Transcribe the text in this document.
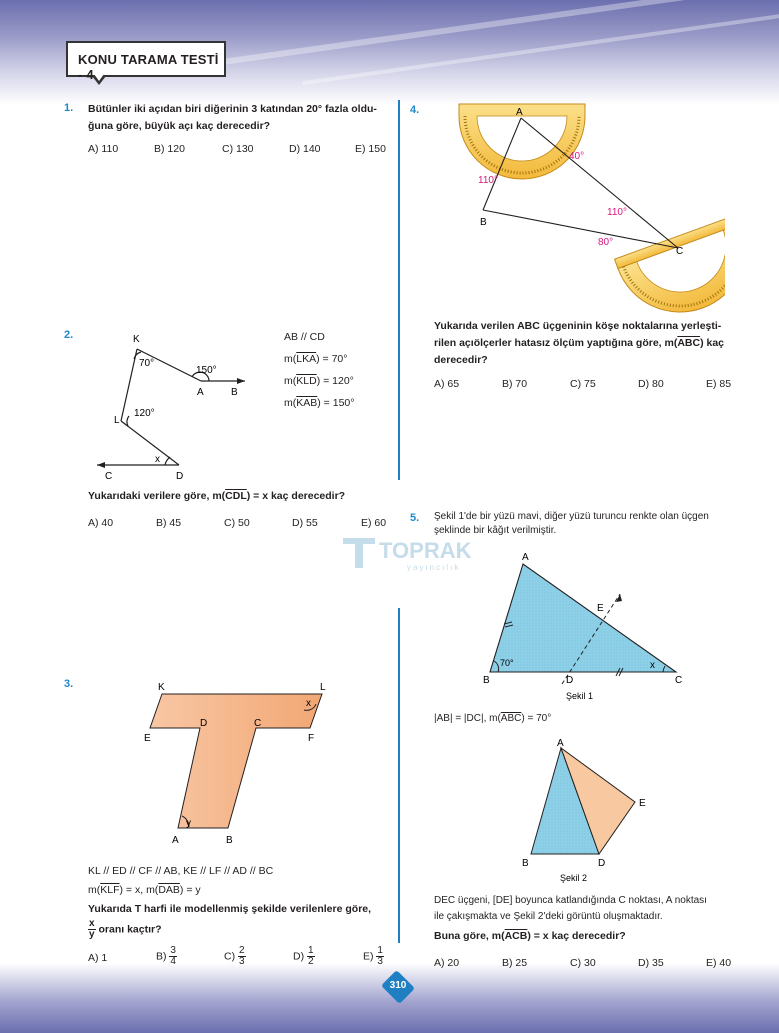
KONU TARAMA TESTİ - 4
1. Bütünler iki açıdan biri diğerinin 3 katından 20° fazla oldu-
ğuna göre, büyük açı kaç derecedir?
A) 110	B) 120	C) 130	D) 140	E) 150
2.	K
70°
150°
A	B
L
120°
x
C	D
AB // CD
$m(\overline{LKA}) = 70^\circ$
$m(\overline{KLD}) = 120^\circ$
$m(\overline{KAB}) = 150^\circ$
Yukarıdaki verilere göre, $m(\overline{CDL}) = x$ kaç derecedir?
A) 40	B) 45	C) 50	D) 55	E) 60
TOPRAK
yayıncılık
3.	K	L
x
E
D	C
F
y
A	B
KL // ED // CF // AB, KE // LF // AD // BC
$m(\overline{KLF}) = x$, $m(\overline{DAB}) = y$
Yukarıda T harfi ile modellenmiş şekilde verilenlere göre,
$\frac{x}{y}$ oranı kaçtır?
A) 1	$B) \frac{3}{4}$	$C) \frac{2}{3}$	$D) \frac{1}{2}$	$E) \frac{1}{3}$
4.	A
B
C
40°
110°
110°
80°
Yukarıda verilen ABC üçgeninin köşe noktalarına yerleşti-
rilen açıölçerler hatasız ölçüm yaptığına göre, $m(\overline{ABC})$ kaç
derecedir?
A) 65	B) 70	C) 75	D) 80	E) 85
5. Şekil 1'de bir yüzü mavi, diğer yüzü turuncu renkte olan üçgen
şeklinde bir kâğıt verilmiştir.
A
B	C
D
E
70°	x
Şekil 1
|AB| = |DC|, $m(\overline{ABC}) = 70^\circ$
A
B	D
E
Şekil 2
DEC üçgeni, [DE] boyunca katlandığında C noktası, A noktası
ile çakışmakta ve Şekil 2'deki görüntü oluşmaktadır.
Buna göre, $m(\overline{ACB}) = x$ kaç derecedir?
A) 20	B) 25	C) 30	D) 35	E) 40
310
